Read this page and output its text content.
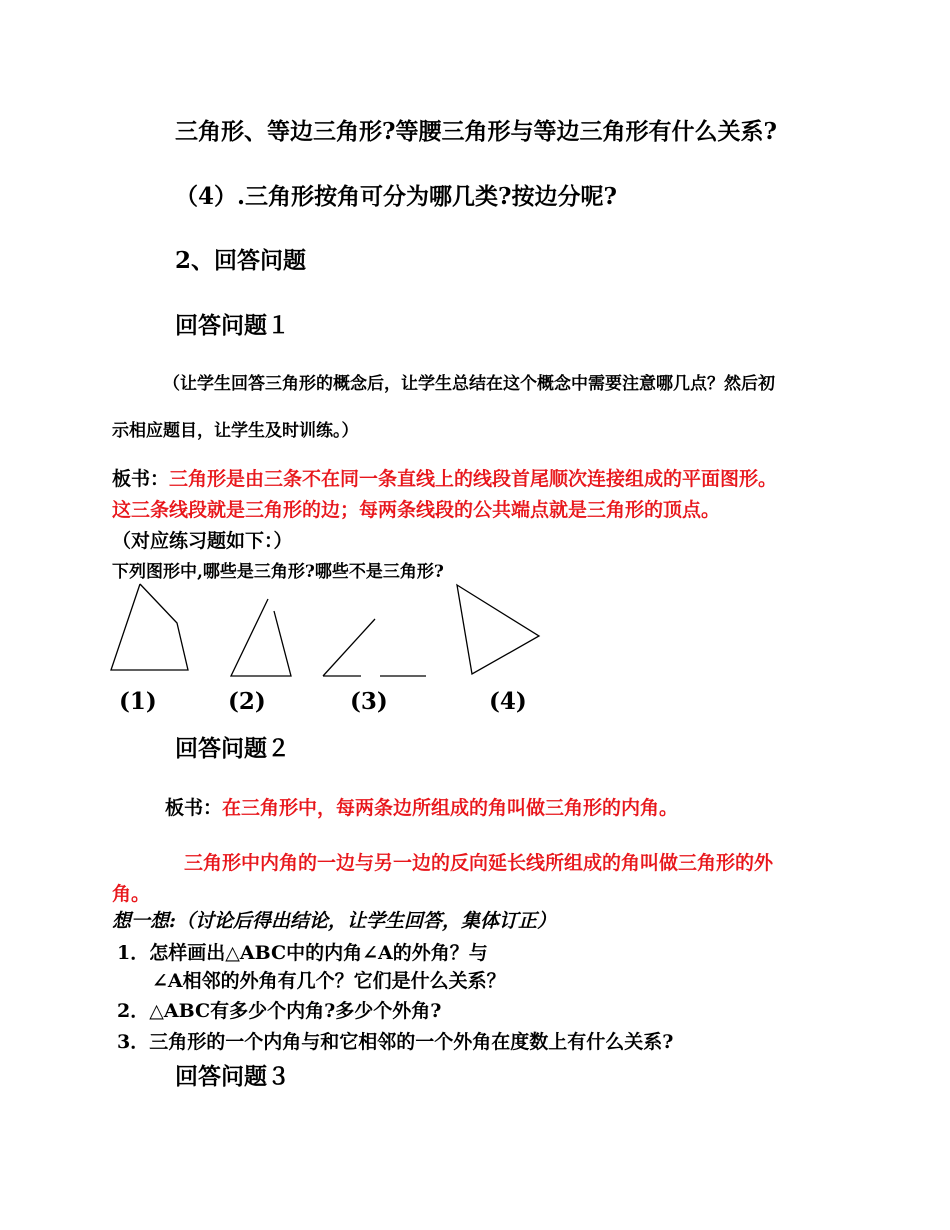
三角形、等边三角形?等腰三角形与等边三角形有什么关系?
（4）.三角形按角可分为哪几类?按边分呢?
2、回答问题
回答问题１
（让学生回答三角形的概念后，让学生总结在这个概念中需要注意哪几点？然后初
示相应题目，让学生及时训练。）
板书：三角形是由三条不在同一条直线上的线段首尾顺次连接组成的平面图形。
这三条线段就是三角形的边；每两条线段的公共端点就是三角形的顶点。
（对应练习题如下：）
下列图形中,哪些是三角形?哪些不是三角形?
(1)	(2)	(3)	(4)
回答问题２
板书：在三角形中，每两条边所组成的角叫做三角形的内角。
三角形中内角的一边与另一边的反向延长线所组成的角叫做三角形的外
角。
想一想:（讨论后得出结论，让学生回答，集体订正）
1．怎样画出△ABC中的内角∠A的外角？与
∠A相邻的外角有几个？它们是什么关系？
2．△ABC有多少个内角?多少个外角?
3．三角形的一个内角与和它相邻的一个外角在度数上有什么关系?
回答问题３
